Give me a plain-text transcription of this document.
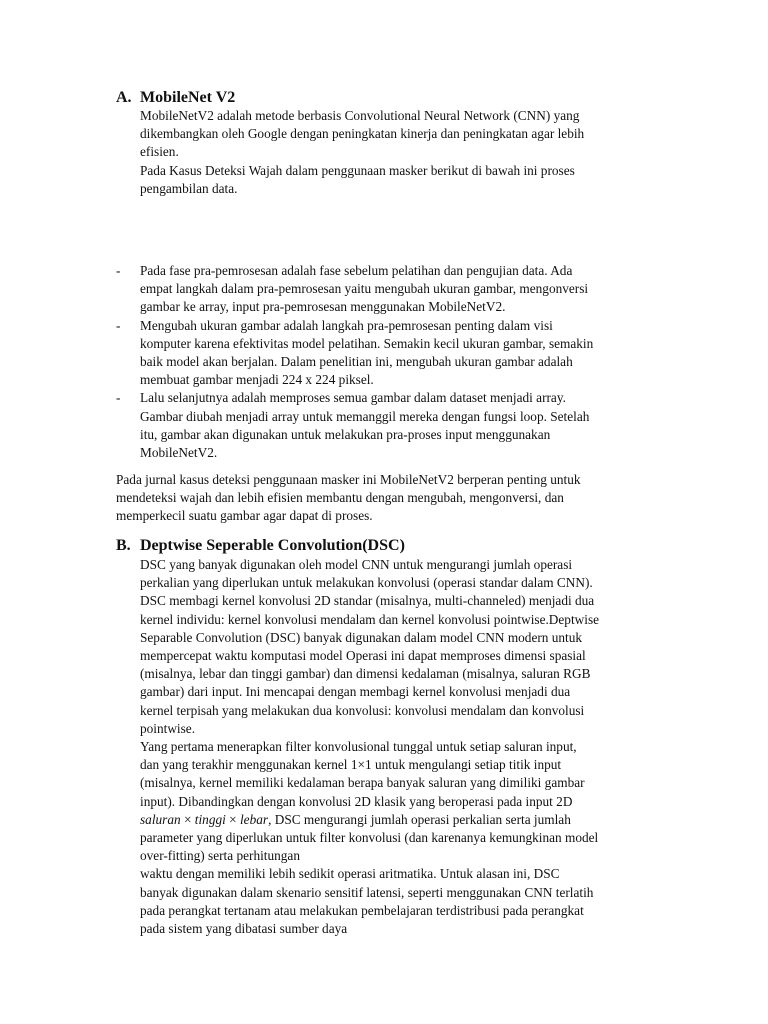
A. MobileNet V2
MobileNetV2 adalah metode berbasis Convolutional Neural Network (CNN) yang
dikembangkan oleh Google dengan peningkatan kinerja dan peningkatan agar lebih
efisien.
Pada Kasus Deteksi Wajah dalam penggunaan masker berikut di bawah ini proses
pengambilan data.
- Pada fase pra-pemrosesan adalah fase sebelum pelatihan dan pengujian data. Ada
empat langkah dalam pra-pemrosesan yaitu mengubah ukuran gambar, mengonversi
gambar ke array, input pra-pemrosesan menggunakan MobileNetV2.
- Mengubah ukuran gambar adalah langkah pra-pemrosesan penting dalam visi
komputer karena efektivitas model pelatihan. Semakin kecil ukuran gambar, semakin
baik model akan berjalan. Dalam penelitian ini, mengubah ukuran gambar adalah
membuat gambar menjadi 224 x 224 piksel.
- Lalu selanjutnya adalah memproses semua gambar dalam dataset menjadi array.
Gambar diubah menjadi array untuk memanggil mereka dengan fungsi loop. Setelah
itu, gambar akan digunakan untuk melakukan pra-proses input menggunakan
MobileNetV2.
Pada jurnal kasus deteksi penggunaan masker ini MobileNetV2 berperan penting untuk
mendeteksi wajah dan lebih efisien membantu dengan mengubah, mengonversi, dan
memperkecil suatu gambar agar dapat di proses.
B. Deptwise Seperable Convolution(DSC)
DSC yang banyak digunakan oleh model CNN untuk mengurangi jumlah operasi
perkalian yang diperlukan untuk melakukan konvolusi (operasi standar dalam CNN).
DSC membagi kernel konvolusi 2D standar (misalnya, multi-channeled) menjadi dua
kernel individu: kernel konvolusi mendalam dan kernel konvolusi pointwise.Deptwise
Separable Convolution (DSC) banyak digunakan dalam model CNN modern untuk
mempercepat waktu komputasi model Operasi ini dapat memproses dimensi spasial
(misalnya, lebar dan tinggi gambar) dan dimensi kedalaman (misalnya, saluran RGB
gambar) dari input. Ini mencapai dengan membagi kernel konvolusi menjadi dua
kernel terpisah yang melakukan dua konvolusi: konvolusi mendalam dan konvolusi
pointwise.
Yang pertama menerapkan filter konvolusional tunggal untuk setiap saluran input,
dan yang terakhir menggunakan kernel 1×1 untuk mengulangi setiap titik input
(misalnya, kernel memiliki kedalaman berapa banyak saluran yang dimiliki gambar
input). Dibandingkan dengan konvolusi 2D klasik yang beroperasi pada input 2D
saluran × tinggi × lebar, DSC mengurangi jumlah operasi perkalian serta jumlah
parameter yang diperlukan untuk filter konvolusi (dan karenanya kemungkinan model
over-fitting) serta perhitungan
waktu dengan memiliki lebih sedikit operasi aritmatika. Untuk alasan ini, DSC
banyak digunakan dalam skenario sensitif latensi, seperti menggunakan CNN terlatih
pada perangkat tertanam atau melakukan pembelajaran terdistribusi pada perangkat
pada sistem yang dibatasi sumber daya
